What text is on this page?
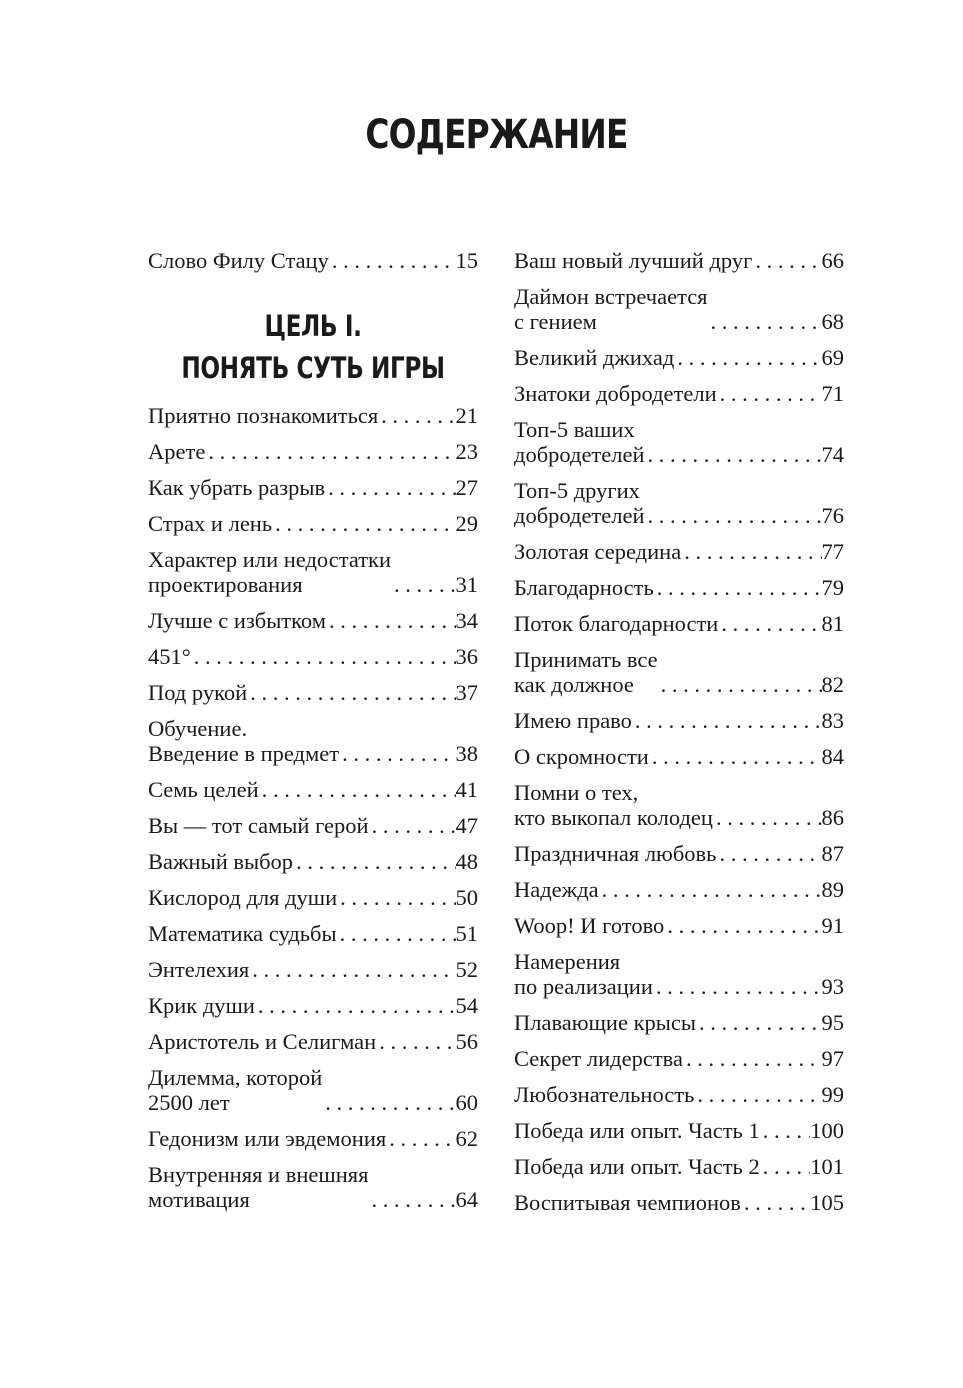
СОДЕРЖАНИЕ
Слово Филу Стацу . . .	15
ЦЕЛЬ I.
ПОНЯТЬ СУТЬ ИГРЫ
Приятно познакомиться . . .	21
Арете . . .	23
Как убрать разрыв . . .	27
Страх и лень . . .	29
Характер или недостатки
проектирования . . .	31
Лучше с избытком . . .	34
451° . . .	36
Под рукой . . .	37
Обучение.
Введение в предмет . . .	38
Семь целей . . .	41
Вы — тот самый герой . . .	47
Важный выбор . . .	48
Кислород для души . . .	50
Математика судьбы . . .	51
Энтелехия . . .	52
Крик души . . .	54
Аристотель и Селигман . . .	56
Дилемма, которой
2500 лет . . .	60
Гедонизм или эвдемония . . .	62
Внутренняя и внешняя
мотивация . . .	64
Ваш новый лучший друг . . .	66
Даймон встречается
с гением . . .	68
Великий джихад . . .	69
Знатоки добродетели . . .	71
Топ-5 ваших
добродетелей . . .	74
Топ-5 других
добродетелей . . .	76
Золотая середина . . .	77
Благодарность . . .	79
Поток благодарности . . .	81
Принимать все
как должное . . .	82
Имею право . . .	83
О скромности . . .	84
Помни о тех,
кто выкопал колодец . . .	86
Праздничная любовь . . .	87
Надежда . . .	89
Woop! И готово . . .	91
Намерения
по реализации . . .	93
Плавающие крысы . . .	95
Секрет лидерства . . .	97
Любознательность . . .	99
Победа или опыт. Часть 1 . . . 100
Победа или опыт. Часть 2 . . . 101
Воспитывая чемпионов . . .	105
